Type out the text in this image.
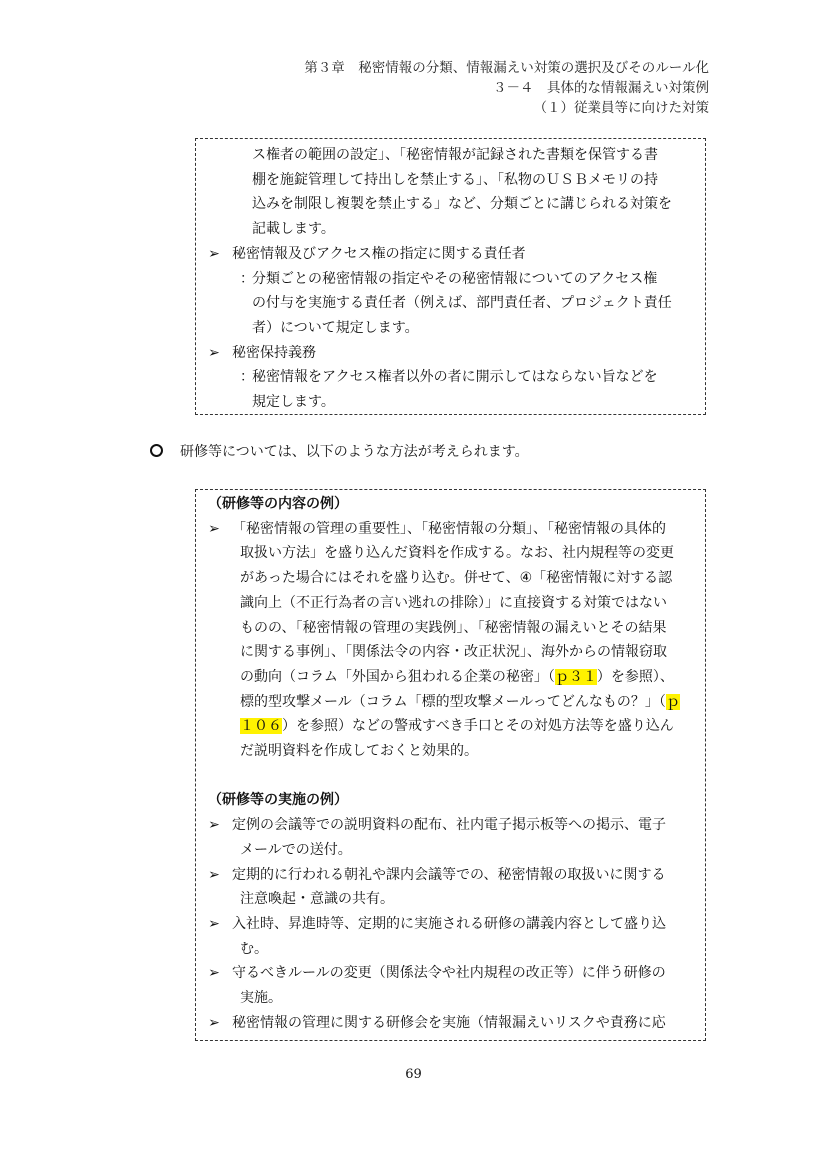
第３章　秘密情報の分類、情報漏えい対策の選択及びそのルール化
３－４　具体的な情報漏えい対策例
（１）従業員等に向けた対策
ス権者の範囲の設定」、「秘密情報が記録された書類を保管する書
棚を施錠管理して持出しを禁止する」、「私物のＵＳＢメモリの持
込みを制限し複製を禁止する」など、分類ごとに講じられる対策を
記載します。
➢ 秘密情報及びアクセス権の指定に関する責任者
：分類ごとの秘密情報の指定やその秘密情報についてのアクセス権
の付与を実施する責任者（例えば、部門責任者、プロジェクト責任
者）について規定します。
➢ 秘密保持義務
：秘密情報をアクセス権者以外の者に開示してはならない旨などを
規定します。
研修等については、以下のような方法が考えられます。
（研修等の内容の例）
➢ 「秘密情報の管理の重要性」、「秘密情報の分類」、「秘密情報の具体的
取扱い方法」を盛り込んだ資料を作成する。なお、社内規程等の変更
があった場合にはそれを盛り込む。併せて、④「秘密情報に対する認
識向上（不正行為者の言い逃れの排除）」に直接資する対策ではない
ものの、「秘密情報の管理の実践例」、「秘密情報の漏えいとその結果
に関する事例」、「関係法令の内容・改正状況」、海外からの情報窃取
の動向（コラム「外国から狙われる企業の秘密」（ｐ３１）を参照）、
標的型攻撃メール（コラム「標的型攻撃メールってどんなもの？」（ｐ
１０６）を参照）などの警戒すべき手口とその対処方法等を盛り込ん
だ説明資料を作成しておくと効果的。
（研修等の実施の例）
➢ 定例の会議等での説明資料の配布、社内電子掲示板等への掲示、電子
メールでの送付。
➢ 定期的に行われる朝礼や課内会議等での、秘密情報の取扱いに関する
注意喚起・意識の共有。
➢ 入社時、昇進時等、定期的に実施される研修の講義内容として盛り込
む。
➢ 守るべきルールの変更（関係法令や社内規程の改正等）に伴う研修の
実施。
➢ 秘密情報の管理に関する研修会を実施（情報漏えいリスクや責務に応
69
